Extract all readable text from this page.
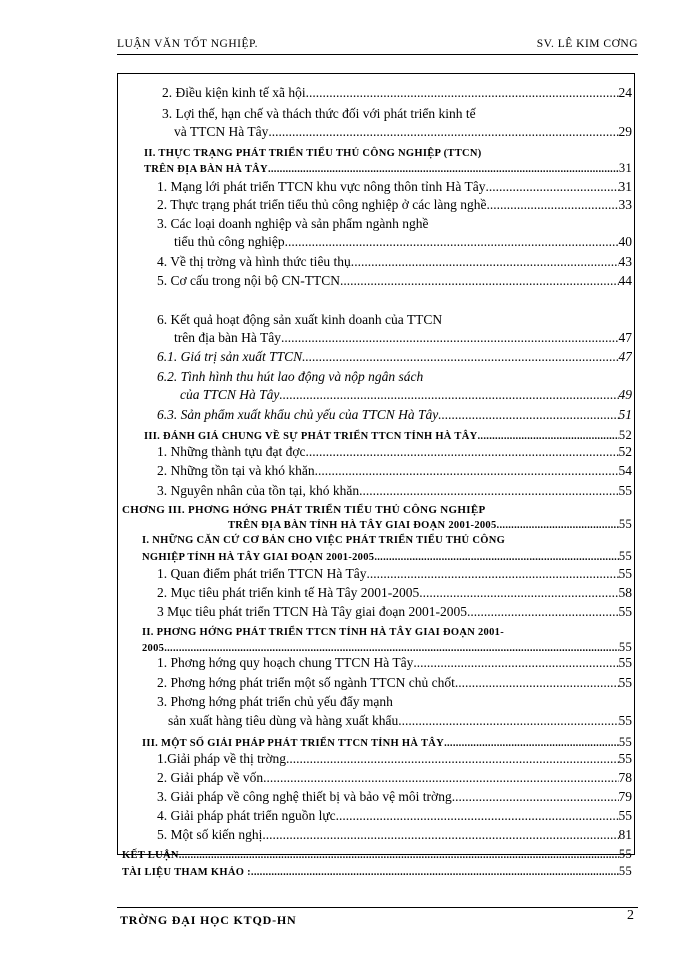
LUẬN VĂN TỐT NGHIỆP.	SV. LÊ KIM CƠNG
2. Điều kiện kinh tế xã hội .....	24
3. Lợi thế, hạn chế và thách thức đối với phát triển kinh tế
và TTCN Hà Tây .....	29
II. THỰC TRẠNG PHÁT TRIỂN TIỂU THỦ CÔNG NGHIỆP (TTCN)
TRÊN ĐỊA BÀN HÀ TÂY .....	31
1. Mạng lới phát triển TTCN khu vực nông thôn tỉnh Hà Tây .....	31
2. Thực trạng phát triển tiểu thủ công nghiệp ở các làng nghề .....	33
3. Các loại doanh nghiệp và sản phẩm ngành nghề
tiểu thủ công nghiệp .....	40
4. Về thị trờng và hình thức tiêu thụ. .....	43
5. Cơ cấu trong nội bộ CN-TTCN .....	44
6. Kết quả hoạt động sản xuất kinh doanh của TTCN
trên địa bàn Hà Tây .....	47
6.1. Giá trị sản xuất TTCN .....	47
6.2. Tình hình thu hút lao động và nộp ngân sách
của TTCN Hà Tây .....	49
6.3. Sản phẩm xuất khẩu chủ yếu của TTCN Hà Tây .....	51
III. ĐÁNH GIÁ CHUNG VỀ SỰ PHÁT TRIỂN TTCN TỈNH HÀ TÂY .....	52
1. Những thành tựu đạt đợc. .....	52
2. Những tồn tại và khó khăn. .....	54
3. Nguyên nhân của tồn tại, khó khăn. .....	55
CHƠNG III. PHƠNG HỚNG PHÁT TRIỂN TIỂU THỦ CÔNG NGHIỆP
TRÊN ĐỊA BÀN TỈNH HÀ TÂY GIAI ĐOẠN 2001-2005 .....	55
I. NHỮNG CĂN CỨ CƠ BẢN CHO VIỆC PHÁT TRIỂN TIỂU THỦ CÔNG
NGHIỆP TỈNH HÀ TÂY GIAI ĐOẠN 2001-2005 .....	55
1. Quan điểm phát triển TTCN Hà Tây .....	55
2. Mục tiêu phát triển kinh tế Hà Tây 2001-2005 .....	58
3 Mục tiêu phát triển TTCN Hà Tây giai đoạn 2001-2005 .....	55
II. PHƠNG HỚNG PHÁT TRIỂN TTCN TỈNH HÀ TÂY GIAI ĐOẠN 2001-
2005. .....	55
1. Phơng hớng quy hoạch chung TTCN Hà Tây .....	55
2. Phơng hớng phát triển một số ngành TTCN chủ chốt .....	55
3. Phơng hớng phát triển chủ yếu đẩy mạnh
sản xuất hàng tiêu dùng và hàng xuất khẩu .....	55
III. MỘT SỐ GIẢI PHÁP PHÁT TRIỂN TTCN TỈNH HÀ TÂY .....	55
1.Giải pháp về thị trờng .....	55
2. Giải pháp về vốn .....	78
3. Giải pháp về công nghệ thiết bị và bảo vệ môi trờng .....	79
4. Giải pháp phát triển nguồn lực .....	55
5. Một số kiến nghị .....	81
KẾT LUẬN .....	55
TÀI LIỆU THAM KHẢO : .....	55
TRỜNG ĐẠI HỌC KTQD-HN	2
